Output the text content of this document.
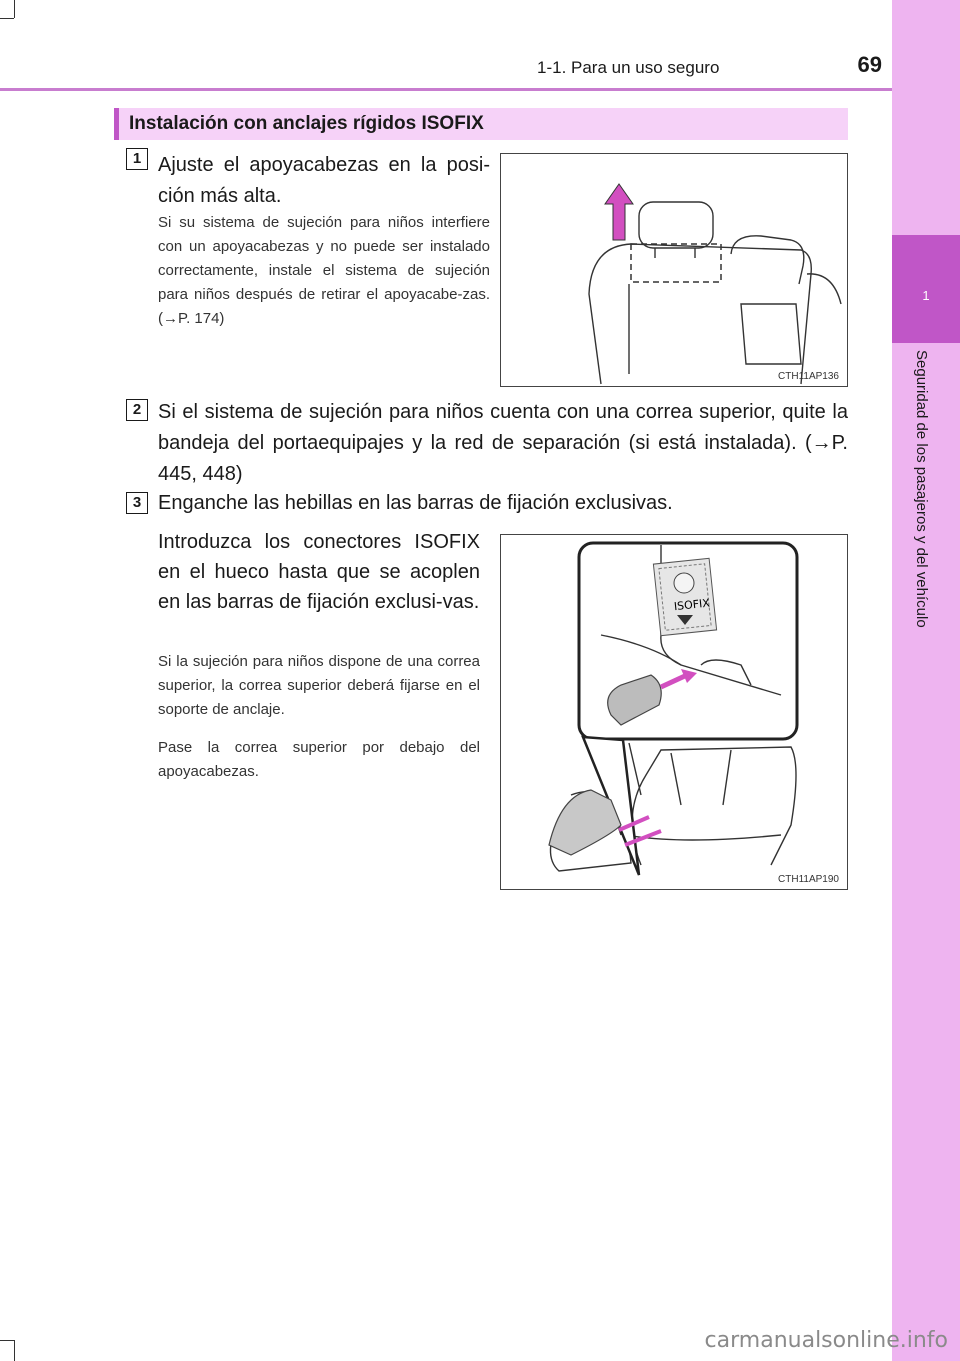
1
Seguridad de los pasajeros y del vehículo
1-1. Para un uso seguro	69
Instalación con anclajes rígidos ISOFIX
1 Ajuste el apoyacabezas en la posi-ción más alta.
Si su sistema de sujeción para niños interfiere con un apoyacabezas y no puede ser instalado correctamente, instale el sistema de sujeción para niños después de retirar el apoyacabe-zas. (→P. 174)
CTH11AP136
2 Si el sistema de sujeción para niños cuenta con una correa superior, quite la bandeja del portaequipajes y la red de separación (si está instalada). (→P. 445, 448)
3 Enganche las hebillas en las barras de fijación exclusivas.
Introduzca los conectores ISOFIX en el hueco hasta que se acoplen en las barras de fijación exclusi-vas.
Si la sujeción para niños dispone de una correa superior, la correa superior deberá fijarse en el soporte de anclaje.
Pase la correa superior por debajo del apoyacabezas.
ISOFIX
CTH11AP190
carmanualsonline.info
